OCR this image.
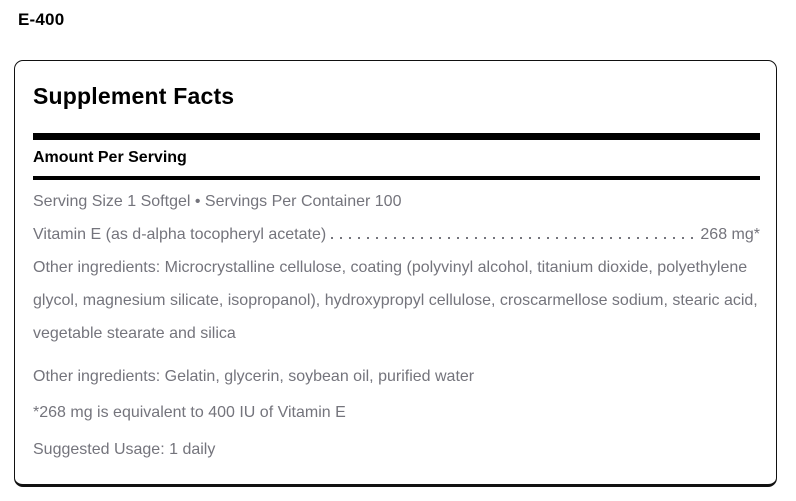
E-400
Supplement Facts
Amount Per Serving

Serving Size 1 Softgel • Servings Per Container 100

Vitamin E (as d-alpha tocopheryl acetate)	268 mg*

Other ingredients: Microcrystalline cellulose, coating (polyvinyl alcohol, titanium dioxide, polyethylene glycol, magnesium silicate, isopropanol), hydroxypropyl cellulose, croscarmellose sodium, stearic acid, vegetable stearate and silica

Other ingredients: Gelatin, glycerin, soybean oil, purified water

*268 mg is equivalent to 400 IU of Vitamin E

Suggested Usage: 1 daily
